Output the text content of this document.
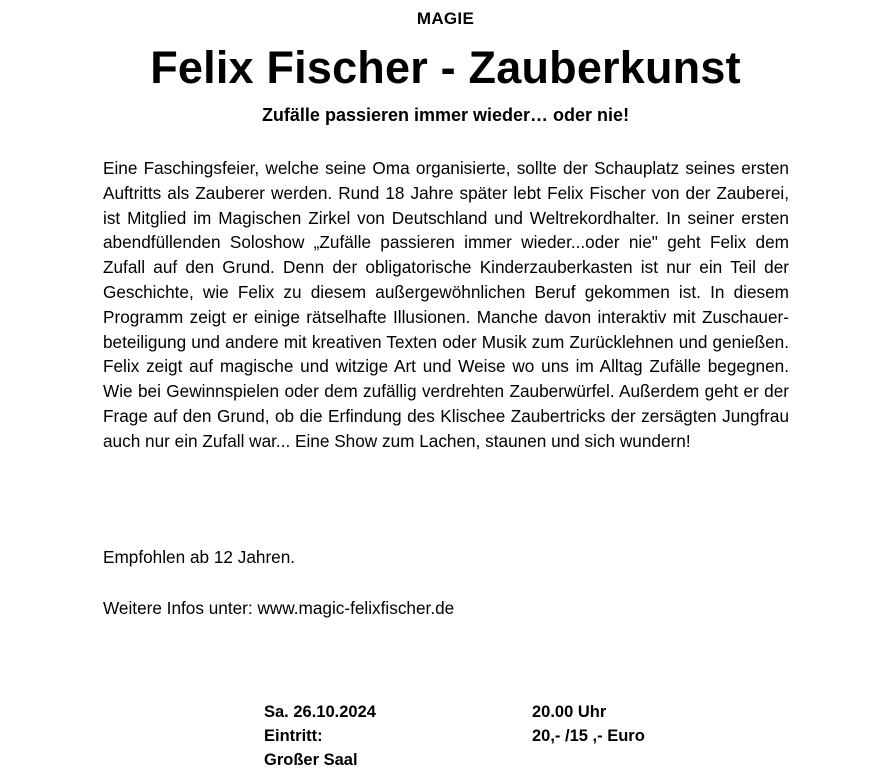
MAGIE
Felix Fischer - Zauberkunst
Zufälle passieren immer wieder… oder nie!

Eine Faschingsfeier, welche seine Oma organisierte, sollte der Schauplatz seines ersten Auftritts als Zauberer werden. Rund 18 Jahre später lebt Felix Fischer von der Zauberei, ist Mitglied im Magischen Zirkel von Deutschland und Weltrekordhalter. In seiner ersten abendfüllenden Soloshow „Zufälle passieren immer wieder...oder nie" geht Felix dem Zufall auf den Grund. Denn der obligatorische Kinderzauberkasten ist nur ein Teil der Geschichte, wie Felix zu diesem außergewöhnlichen Beruf gekommen ist. In diesem Programm zeigt er einige rätselhafte Illusionen. Manche davon interaktiv mit Zuschauer-beteiligung und andere mit kreativen Texten oder Musik zum Zurücklehnen und genießen. Felix zeigt auf magische und witzige Art und Weise wo uns im Alltag Zufälle begegnen. Wie bei Gewinnspielen oder dem zufällig verdrehten Zauberwürfel. Außerdem geht er der Frage auf den Grund, ob die Erfindung des Klischee Zaubertricks der zersägten Jungfrau auch nur ein Zufall war... Eine Show zum Lachen, staunen und sich wundern!

Empfohlen ab 12 Jahren.

Weitere Infos unter: www.magic-felixfischer.de

Sa. 26.10.2024	20.00 Uhr
Eintritt:	20,- /15 ,- Euro
Großer Saal
